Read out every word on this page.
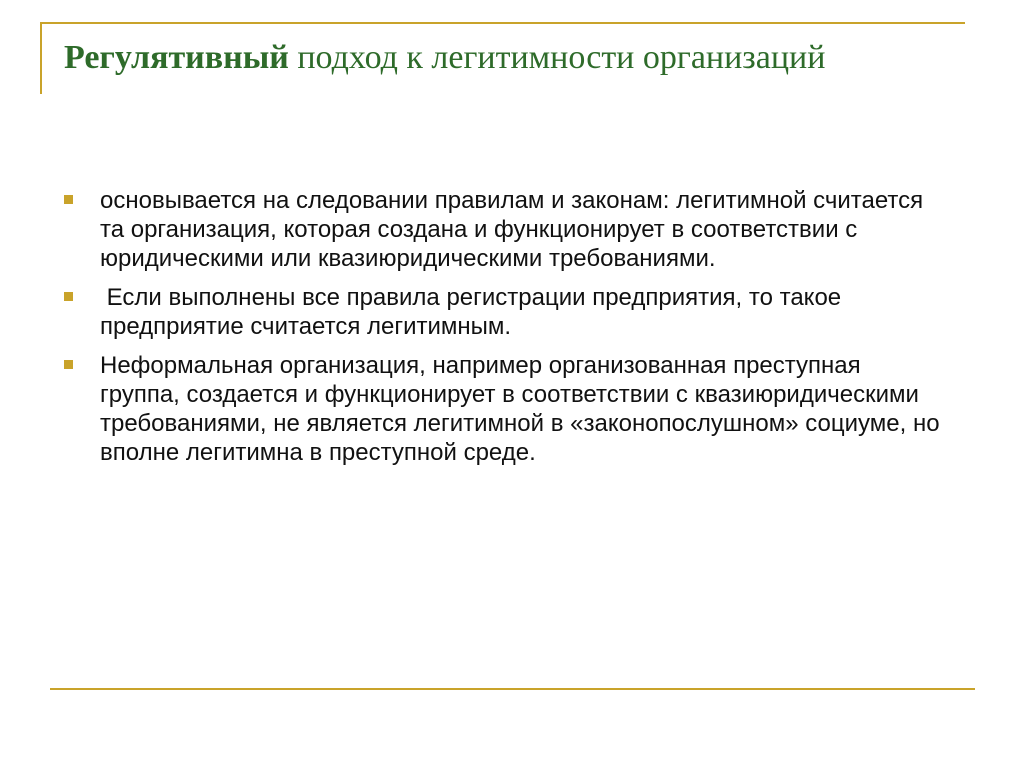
Регулятивный подход к легитимности организаций
основывается на следовании правилам и законам: легитимной считается та организация, которая создана и функционирует в соответствии с юридическими или квазиюридическими требованиями.
Если выполнены все правила регистрации предприятия, то такое предприятие считается легитимным.
Неформальная организация, например организованная преступная группа, создается и функционирует в соответствии с квазиюридическими требованиями, не является легитимной в «законопослушном» социуме, но вполне легитимна в преступной среде.
